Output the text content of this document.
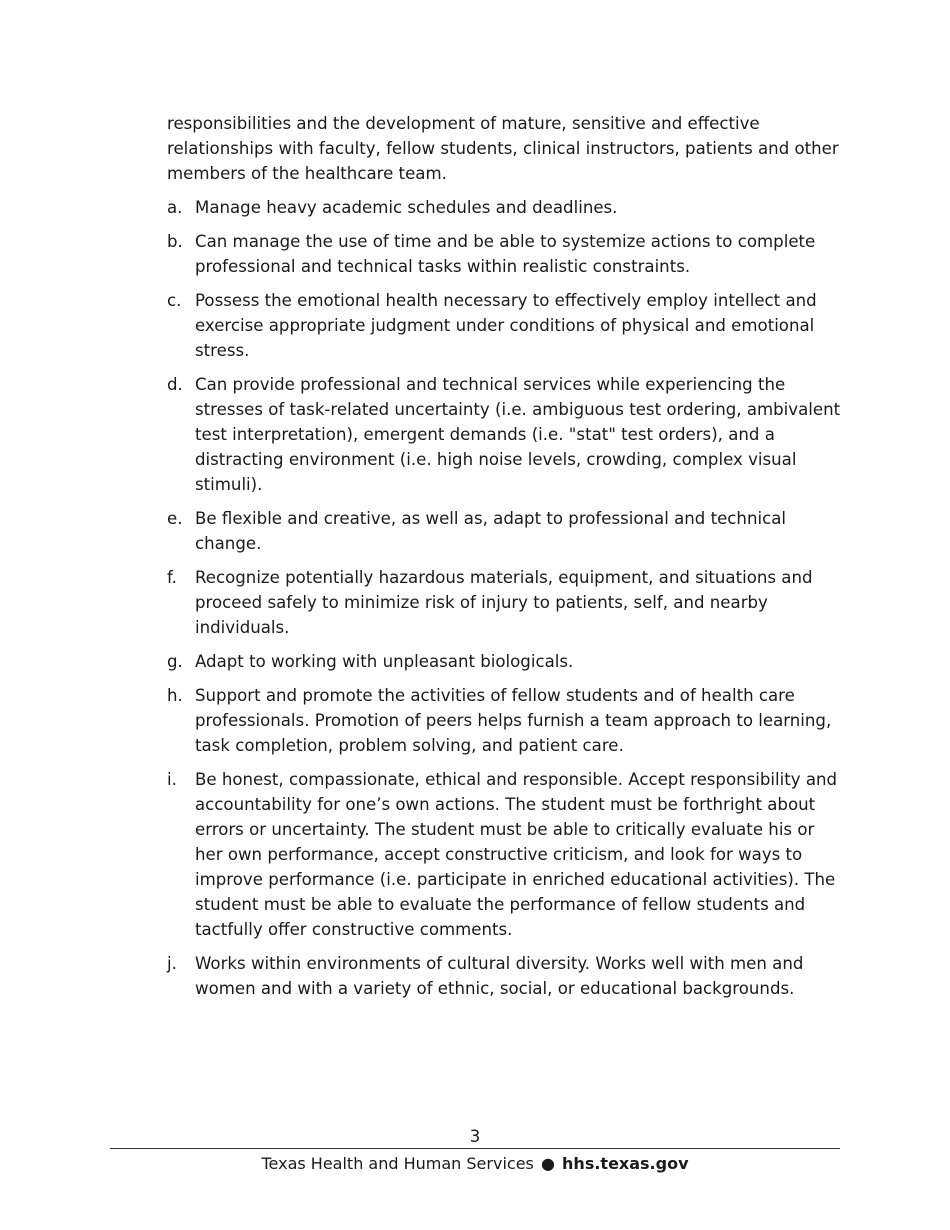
responsibilities and the development of mature, sensitive and effective relationships with faculty, fellow students, clinical instructors, patients and other members of the healthcare team.

a. Manage heavy academic schedules and deadlines.
b. Can manage the use of time and be able to systemize actions to complete professional and technical tasks within realistic constraints.
c. Possess the emotional health necessary to effectively employ intellect and exercise appropriate judgment under conditions of physical and emotional stress.
d. Can provide professional and technical services while experiencing the stresses of task-related uncertainty (i.e. ambiguous test ordering, ambivalent test interpretation), emergent demands (i.e. "stat" test orders), and a distracting environment (i.e. high noise levels, crowding, complex visual stimuli).
e. Be flexible and creative, as well as, adapt to professional and technical change.
f.	Recognize potentially hazardous materials, equipment, and situations and proceed safely to minimize risk of injury to patients, self, and nearby individuals.
g. Adapt to working with unpleasant biologicals.
h. Support and promote the activities of fellow students and of health care professionals. Promotion of peers helps furnish a team approach to learning, task completion, problem solving, and patient care.
i.	Be honest, compassionate, ethical and responsible. Accept responsibility and accountability for one’s own actions. The student must be forthright about errors or uncertainty. The student must be able to critically evaluate his or her own performance, accept constructive criticism, and look for ways to improve performance (i.e. participate in enriched educational activities). The student must be able to evaluate the performance of fellow students and tactfully offer constructive comments.
j.	Works within environments of cultural diversity. Works well with men and women and with a variety of ethnic, social, or educational backgrounds.
3
Texas Health and Human Services ● hhs.texas.gov
